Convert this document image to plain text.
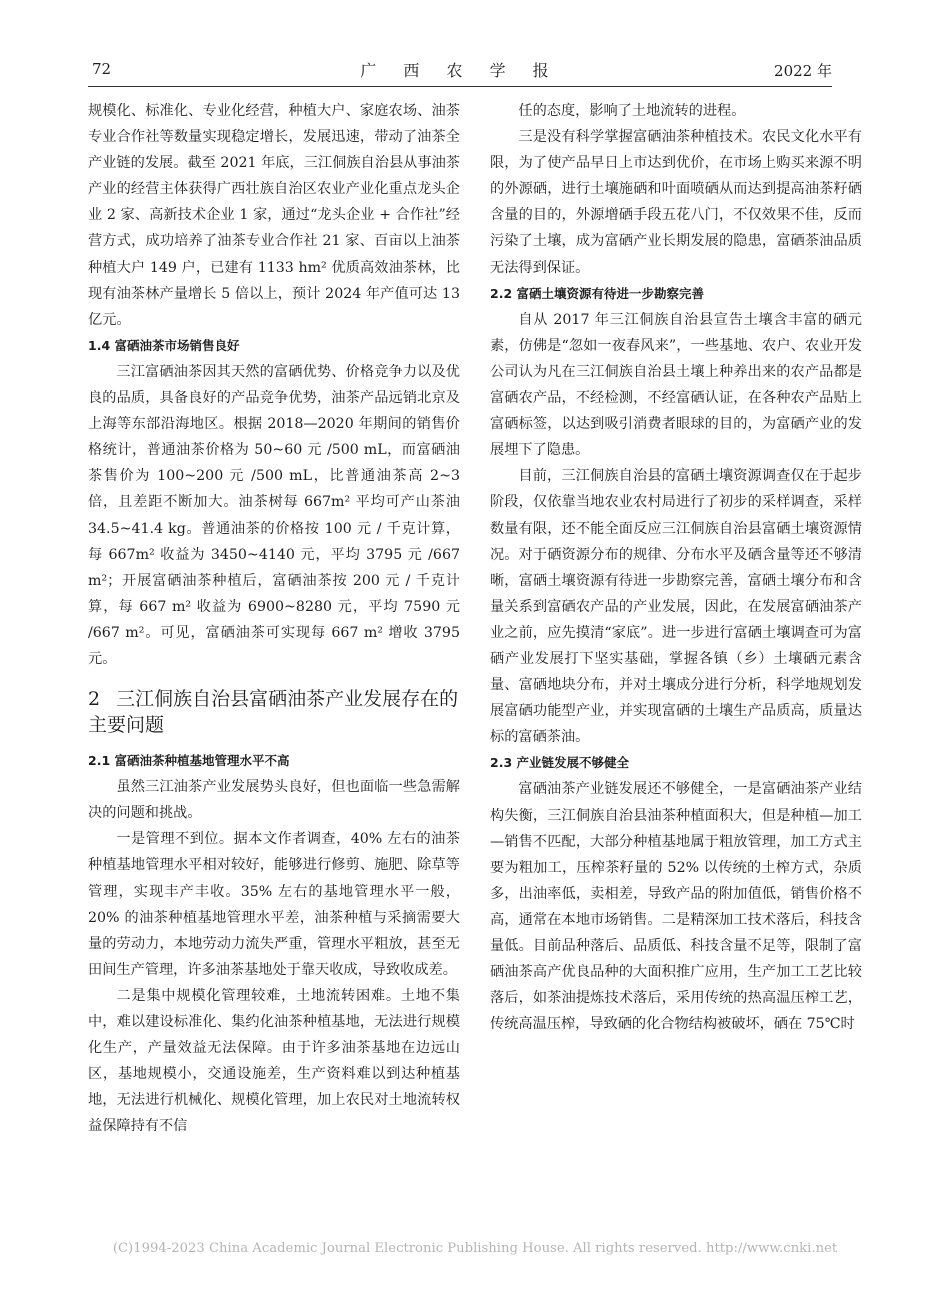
72	广 西 农 学 报	2022 年

规模化、标准化、专业化经营，种植大户、家庭农场、油茶专业合作社等数量实现稳定增长，发展迅速，带动了油茶全产业链的发展。截至 2021 年底，三江侗族自治县从事油茶产业的经营主体获得广西壮族自治区农业产业化重点龙头企业 2 家、高新技术企业 1 家，通过“龙头企业 + 合作社”经营方式，成功培养了油茶专业合作社 21 家、百亩以上油茶种植大户 149 户，已建有 1133 hm² 优质高效油茶林，比现有油茶林产量增长 5 倍以上，预计 2024 年产值可达 13 亿元。

1.4 富硒油茶市场销售良好

三江富硒油茶因其天然的富硒优势、价格竞争力以及优良的品质，具备良好的产品竞争优势，油茶产品远销北京及上海等东部沿海地区。根据 2018—2020 年期间的销售价格统计，普通油茶价格为 50~60 元 /500 mL，而富硒油茶售价为 100~200 元 /500 mL，比普通油茶高 2~3 倍，且差距不断加大。油茶树每 667m² 平均可产山茶油 34.5~41.4 kg。普通油茶的价格按 100 元 / 千克计算，每 667m² 收益为 3450~4140 元，平均 3795 元 /667 m²；开展富硒油茶种植后，富硒油茶按 200 元 / 千克计算，每 667 m² 收益为 6900~8280 元，平均 7590 元 /667 m²。可见，富硒油茶可实现每 667 m² 增收 3795 元。

2 三江侗族自治县富硒油茶产业发展存在的主要问题

2.1 富硒油茶种植基地管理水平不高

虽然三江油茶产业发展势头良好，但也面临一些急需解决的问题和挑战。

一是管理不到位。据本文作者调查，40% 左右的油茶种植基地管理水平相对较好，能够进行修剪、施肥、除草等管理，实现丰产丰收。35% 左右的基地管理水平一般，20% 的油茶种植基地管理水平差，油茶种植与采摘需要大量的劳动力，本地劳动力流失严重，管理水平粗放，甚至无田间生产管理，许多油茶基地处于靠天收成，导致收成差。

二是集中规模化管理较难，土地流转困难。土地不集中，难以建设标准化、集约化油茶种植基地，无法进行规模化生产，产量效益无法保障。由于许多油茶基地在边远山区，基地规模小，交通设施差，生产资料难以到达种植基地，无法进行机械化、规模化管理，加上农民对土地流转权益保障持有不信

任的态度，影响了土地流转的进程。

三是没有科学掌握富硒油茶种植技术。农民文化水平有限，为了使产品早日上市达到优价，在市场上购买来源不明的外源硒，进行土壤施硒和叶面喷硒从而达到提高油茶籽硒含量的目的，外源增硒手段五花八门，不仅效果不佳，反而污染了土壤，成为富硒产业长期发展的隐患，富硒茶油品质无法得到保证。

2.2 富硒土壤资源有待进一步勘察完善

自从 2017 年三江侗族自治县宣告土壤含丰富的硒元素，仿佛是“忽如一夜春风来”，一些基地、农户、农业开发公司认为凡在三江侗族自治县土壤上种养出来的农产品都是富硒农产品，不经检测，不经富硒认证，在各种农产品贴上富硒标签，以达到吸引消费者眼球的目的，为富硒产业的发展埋下了隐患。

目前，三江侗族自治县的富硒土壤资源调查仅在于起步阶段，仅依靠当地农业农村局进行了初步的采样调查，采样数量有限，还不能全面反应三江侗族自治县富硒土壤资源情况。对于硒资源分布的规律、分布水平及硒含量等还不够清晰，富硒土壤资源有待进一步勘察完善，富硒土壤分布和含量关系到富硒农产品的产业发展，因此，在发展富硒油茶产业之前，应先摸清“家底”。进一步进行富硒土壤调查可为富硒产业发展打下坚实基础，掌握各镇（乡）土壤硒元素含量、富硒地块分布，并对土壤成分进行分析，科学地规划发展富硒功能型产业，并实现富硒的土壤生产品质高，质量达标的富硒茶油。

2.3 产业链发展不够健全

富硒油茶产业链发展还不够健全，一是富硒油茶产业结构失衡，三江侗族自治县油茶种植面积大，但是种植—加工—销售不匹配，大部分种植基地属于粗放管理，加工方式主要为粗加工，压榨茶籽量的 52% 以传统的土榨方式，杂质多，出油率低，卖相差，导致产品的附加值低，销售价格不高，通常在本地市场销售。二是精深加工技术落后，科技含量低。目前品种落后、品质低、科技含量不足等，限制了富硒油茶高产优良品种的大面积推广应用，生产加工工艺比较落后，如茶油提炼技术落后，采用传统的热高温压榨工艺，传统高温压榨，导致硒的化合物结构被破坏，硒在 75℃时

(C)1994-2023 China Academic Journal Electronic Publishing House. All rights reserved. http://www.cnki.net
